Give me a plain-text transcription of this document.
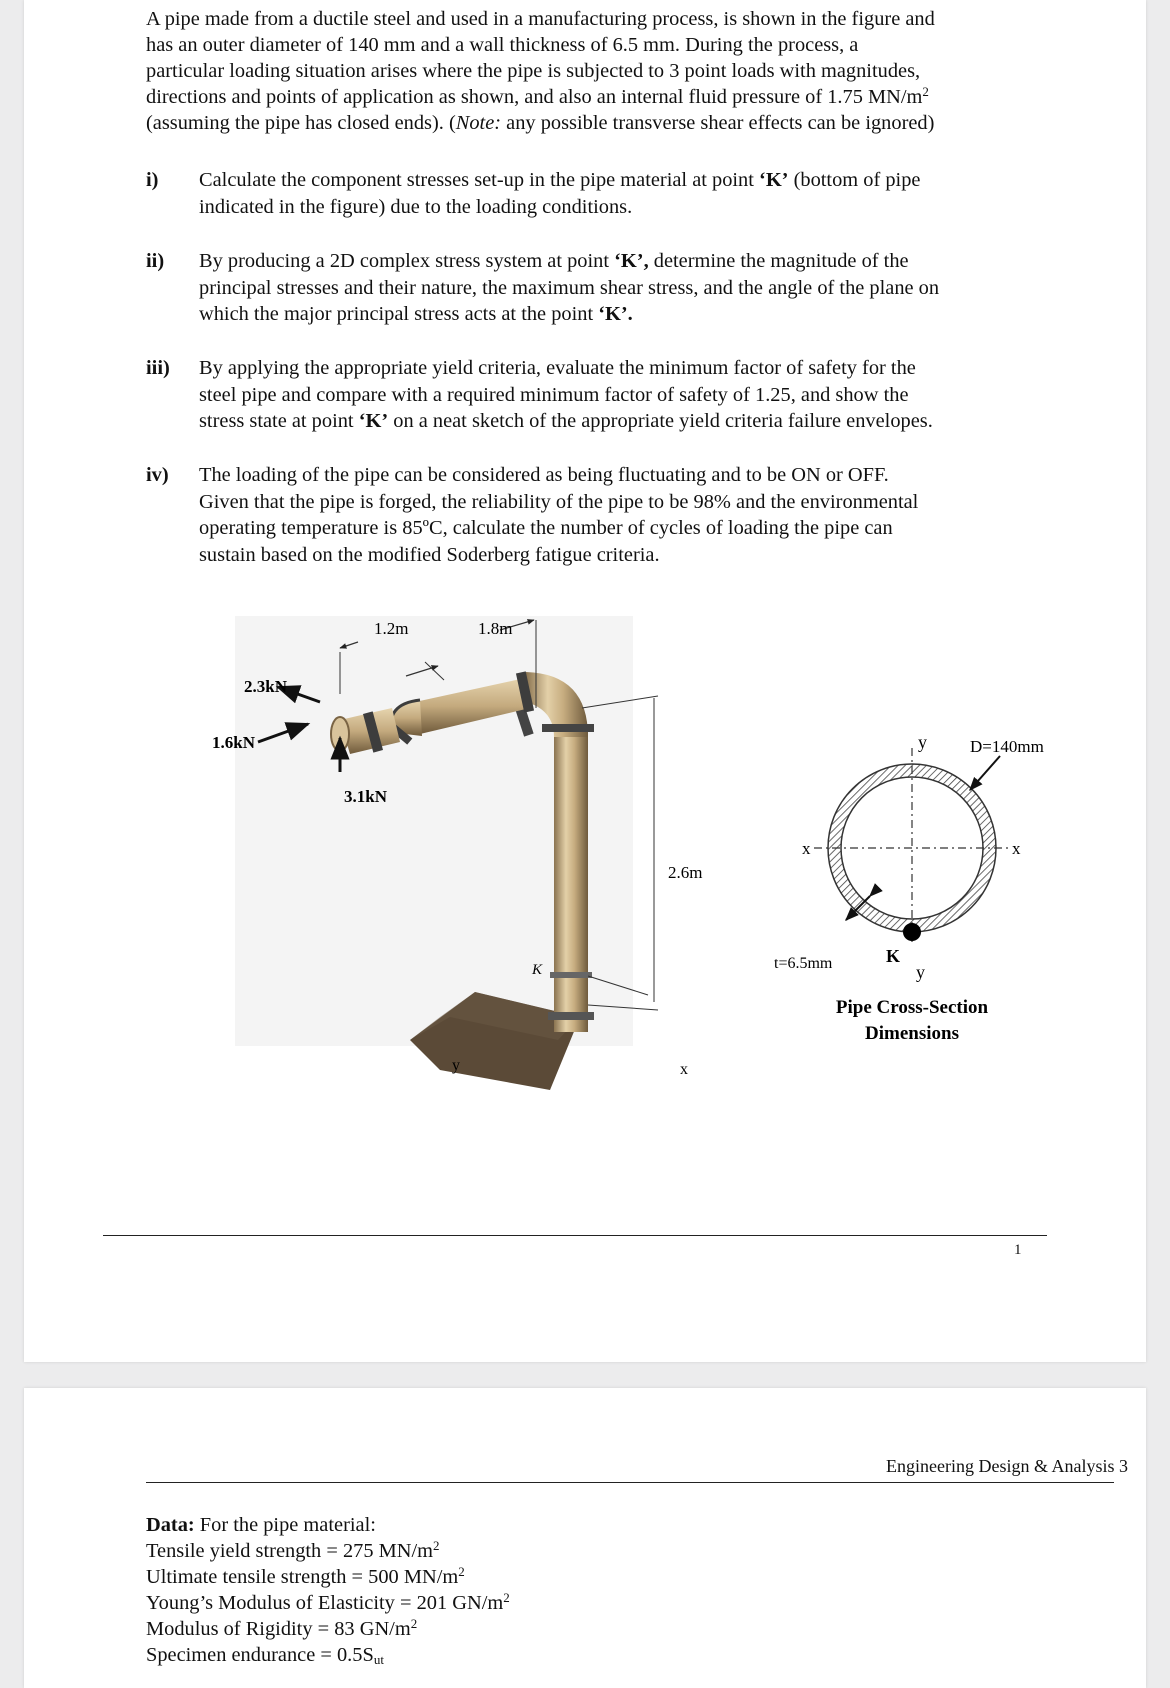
A pipe made from a ductile steel and used in a manufacturing process, is shown in the figure and
has an outer diameter of 140 mm and a wall thickness of 6.5 mm. During the process, a
particular loading situation arises where the pipe is subjected to 3 point loads with magnitudes,
directions and points of application as shown, and also an internal fluid pressure of 1.75 $MN/m^2$
(assuming the pipe has closed ends). (Note: any possible transverse shear effects can be ignored)
i) Calculate the component stresses set-up in the pipe material at point ‘K’ (bottom of pipe
indicated in the figure) due to the loading conditions.
ii) By producing a 2D complex stress system at point ‘K’, determine the magnitude of the
principal stresses and their nature, the maximum shear stress, and the angle of the plane on
which the major principal stress acts at the point ‘K’.
iii) By applying the appropriate yield criteria, evaluate the minimum factor of safety for the
steel pipe and compare with a required minimum factor of safety of 1.25, and show the
stress state at point ‘K’ on a neat sketch of the appropriate yield criteria failure envelopes.
iv) The loading of the pipe can be considered as being fluctuating and to be ON or OFF.
Given that the pipe is forged, the reliability of the pipe to be 98% and the environmental
operating temperature is 85ºC, calculate the number of cycles of loading the pipe can
sustain based on the modified Soderberg fatigue criteria.
1.2m	1.8m
2.3kN
1.6kN
3.1kN
2.6m
K
y	x
y	D=140mm
x	x
t=6.5mm	K
y
Pipe Cross-Section
Dimensions
1
Engineering Design & Analysis 3
Data: For the pipe material:
Tensile yield strength = 275 $MN/m^2$
Ultimate tensile strength = 500 $MN/m^2$
Young’s Modulus of Elasticity = 201 $GN/m^2$
Modulus of Rigidity = 83 $GN/m^2$
Specimen endurance = $0.5S_{ut}$
